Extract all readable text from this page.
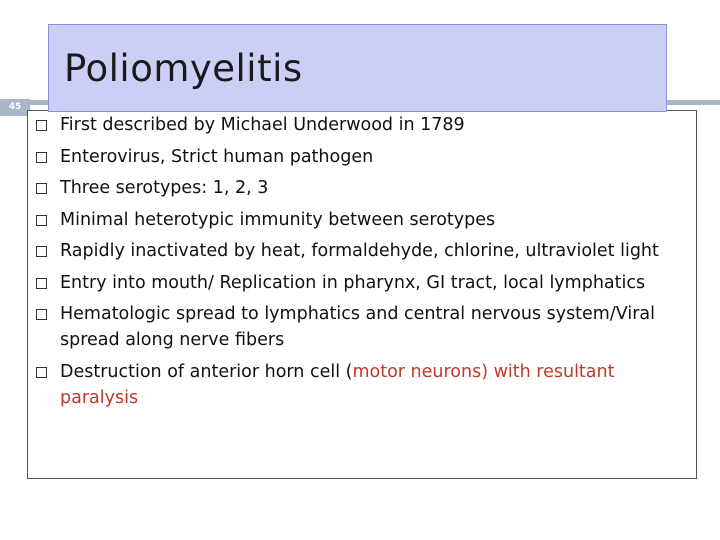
45
Poliomyelitis
First described by Michael Underwood in 1789
Enterovirus, Strict human pathogen
Three serotypes: 1, 2, 3
Minimal heterotypic immunity between serotypes
Rapidly inactivated by heat, formaldehyde, chlorine, ultraviolet light
Entry into mouth/ Replication in pharynx, GI tract, local lymphatics
Hematologic spread to lymphatics and central nervous system/Viral spread along nerve fibers
Destruction of anterior horn cell (motor neurons) with resultant paralysis
